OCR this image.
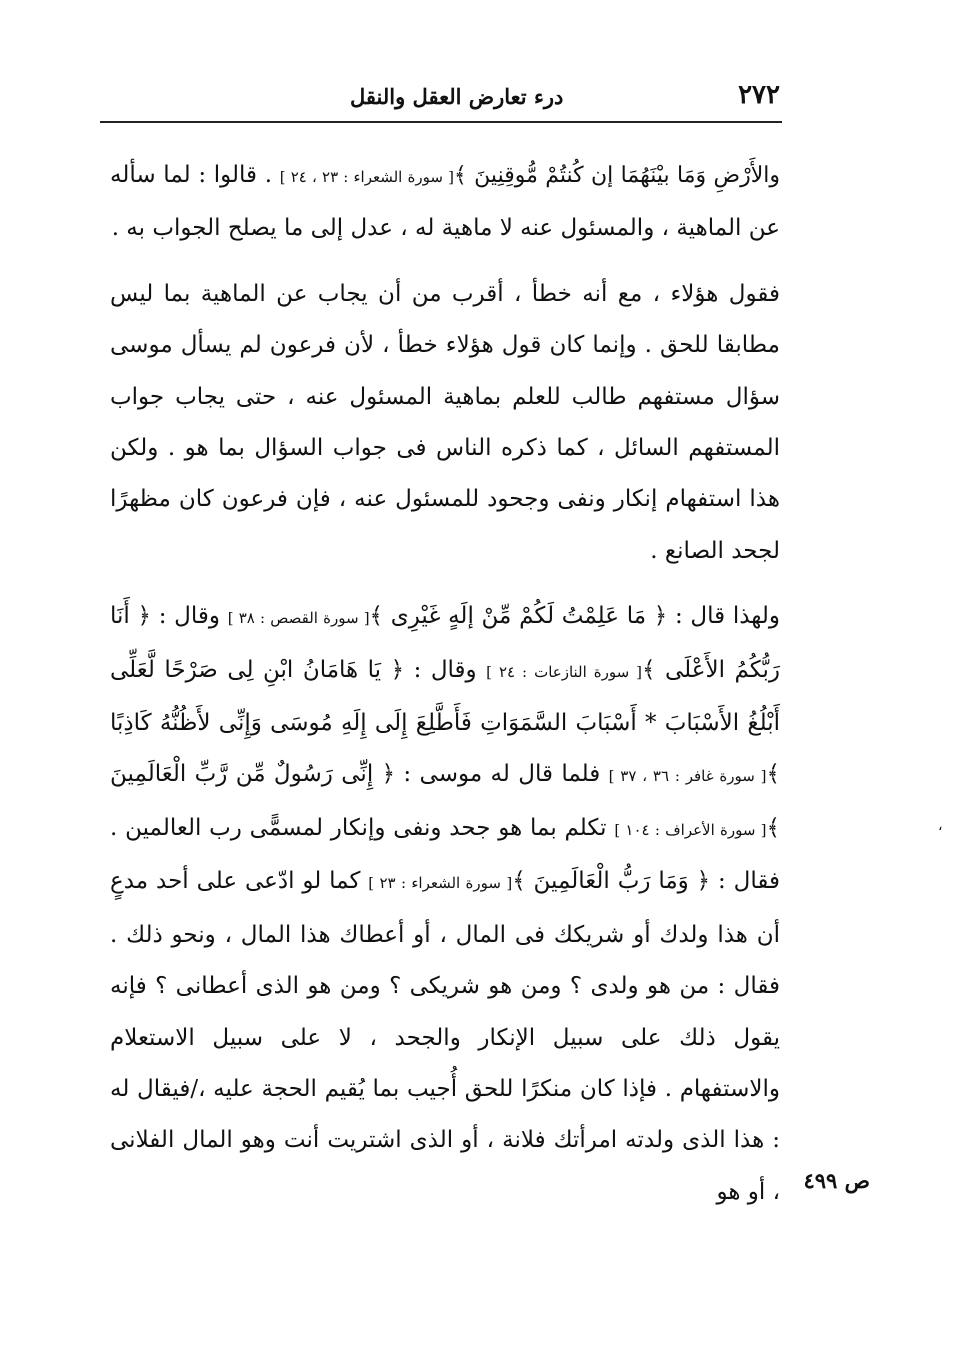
٢٧٢
درء تعارض العقل والنقل

والأَرْضِ وَمَا بيْنَهُمَا إن كُنتُمْ مُّوقِنِينَ ﴾[ سورة الشعراء : ٢٣ ، ٢٤ ] . قالوا : لما سأله عن الماهية ، والمسئول عنه لا ماهية له ، عدل إلى ما يصلح الجواب به .

فقول هؤلاء ، مع أنه خطأ ، أقرب من أن يجاب عن الماهية بما ليس مطابقا للحق . وإنما كان قول هؤلاء خطأ ، لأن فرعون لم يسأل موسى سؤال مستفهم طالب للعلم بماهية المسئول عنه ، حتى يجاب جواب المستفهم السائل ، كما ذكره الناس فى جواب السؤال بما هو . ولكن هذا استفهام إنكار ونفى وجحود للمسئول عنه ، فإن فرعون كان مظهرًا لجحد الصانع .

ولهذا قال : ﴿ مَا عَلِمْتُ لَكُمْ مِّنْ إلَهٍ غَيْرِى ﴾[ سورة القصص : ٣٨ ] وقال : ﴿ أَنَا رَبُّكُمُ الأَعْلَى ﴾[ سورة النازعات : ٢٤ ] وقال : ﴿ يَا هَامَانُ ابْنِ لِى صَرْحًا لَّعَلِّى أَبْلُغُ الأَسْبَابَ * أَسْبَابَ السَّمَوَاتِ فَأَطَّلِعَ إِلَى إِلَهِ مُوسَى وَإِنِّى لأَظُنُّهُ كَاذِبًا ﴾[ سورة غافر : ٣٦ ، ٣٧ ] فلما قال له موسى : ﴿ إِنِّى رَسُولٌ مِّن رَّبِّ الْعَالَمِينَ ﴾[ سورة الأعراف : ١٠٤ ] تكلم بما هو جحد ونفى وإنكار لمسمًّى رب العالمين . فقال : ﴿ وَمَا رَبُّ الْعَالَمِينَ ﴾[ سورة الشعراء : ٢٣ ] كما لو ادّعى على أحد مدعٍ أن هذا ولدك أو شريكك فى المال ، أو أعطاك هذا المال ، ونحو ذلك . فقال : من هو ولدى ؟ ومن هو شريكى ؟ ومن هو الذى أعطانى ؟ فإنه يقول ذلك على سبيل الإنكار والجحد ، لا على سبيل الاستعلام والاستفهام . فإذا كان منكرًا للحق أُجيب بما يُقيم الحجة عليه ،/فيقال له : هذا الذى ولدته امرأتك فلانة ، أو الذى اشتريت أنت وهو المال الفلانى ، أو هو ص ٤٩٩
،
